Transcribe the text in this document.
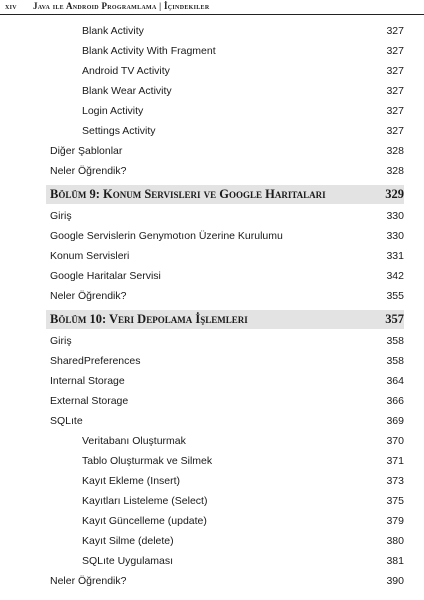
xiv Java ile Android Programlama | İçindekiler
Blank Activity	327
Blank Activity With Fragment	327
Android TV Activity	327
Blank Wear Activity	327
Login Activity	327
Settings Activity	327
Diğer Şablonlar	328
Neler Öğrendik?	328
Bölüm 9: Konum Servisleri ve Google Haritaları	329
Giriş	330
Google Servislerin Genymotıon Üzerine Kurulumu	330
Konum Servisleri	331
Google Haritalar Servisi	342
Neler Öğrendik?	355
Bölüm 10: Veri Depolama İşlemleri	357
Giriş	358
SharedPreferences	358
Internal Storage	364
External Storage	366
SQLıte	369
Veritabanı Oluşturmak	370
Tablo Oluşturmak ve Silmek	371
Kayıt Ekleme (Insert)	373
Kayıtları Listeleme (Select)	375
Kayıt Güncelleme (update)	379
Kayıt Silme (delete)	380
SQLıte Uygulaması	381
Neler Öğrendik?	390
